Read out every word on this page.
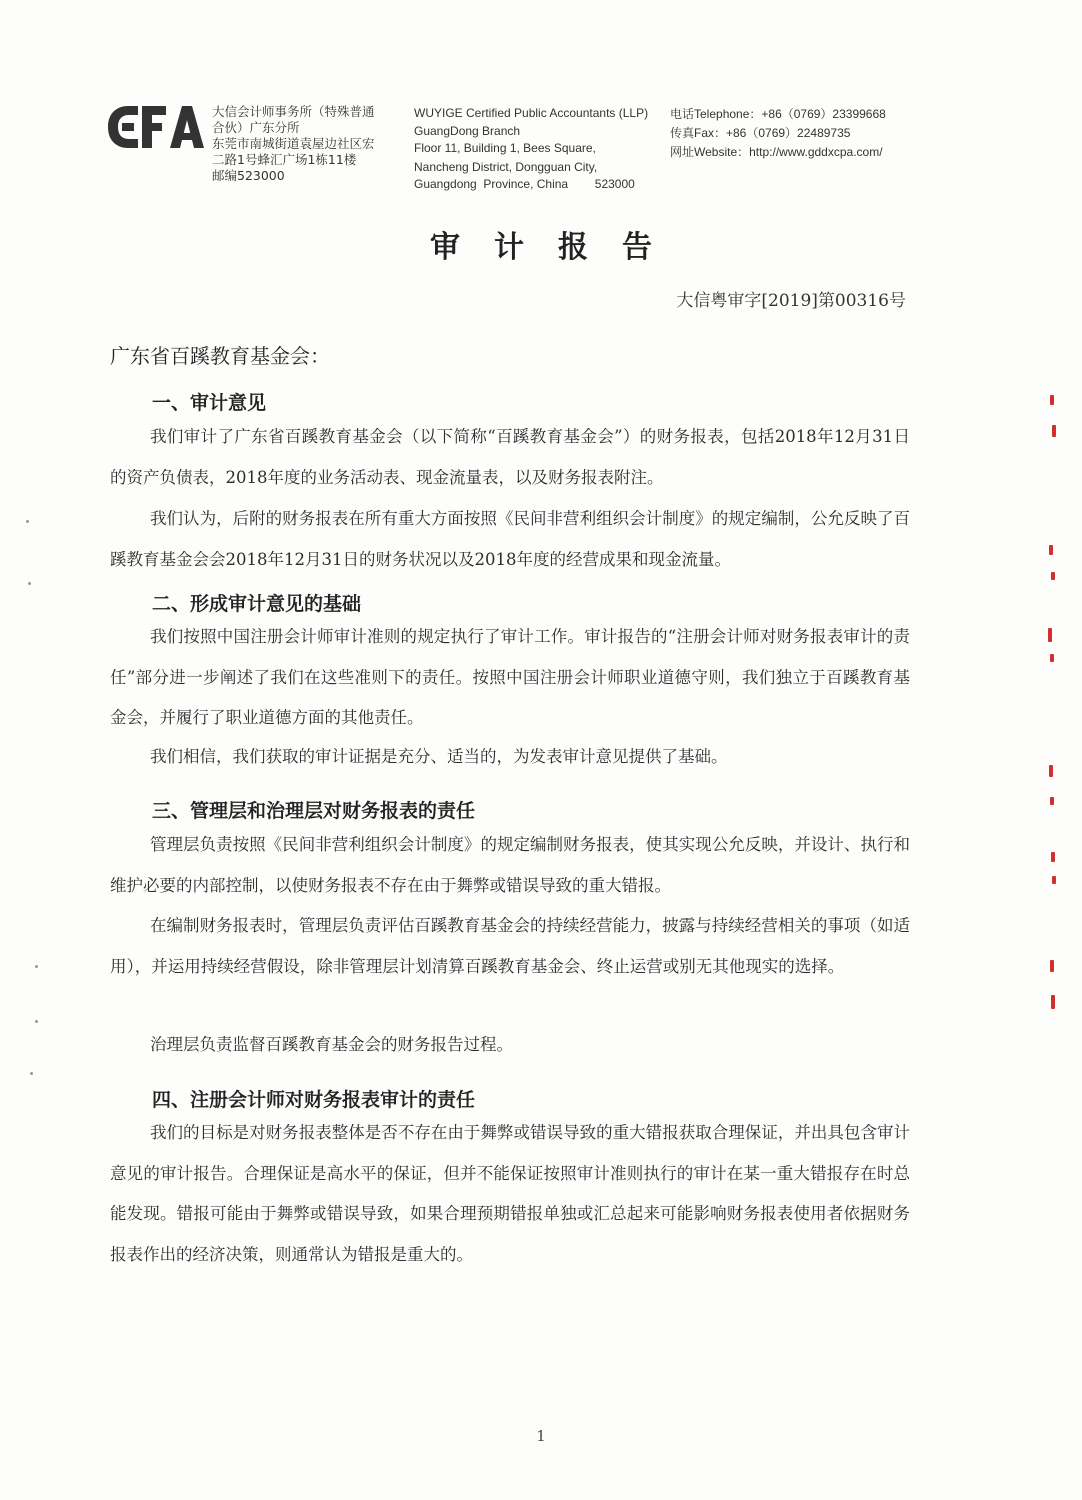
大信会计师事务所（特殊普通
合伙）广东分所
东莞市南城街道袁屋边社区宏
二路1号蜂汇广场1栋11楼
邮编523000
WUYIGE Certified Public Accountants (LLP)
GuangDong Branch
Floor 11, Building 1, Bees Square,
Nancheng District, Dongguan City,
Guangdong  Province, China        523000
电话Telephone：+86（0769）23399668
传真Fax：+86（0769）22489735
网址Website：http://www.gddxcpa.com/
审计报告
大信粤审字[2019]第00316号
广东省百蹊教育基金会：
一、审计意见
我们审计了广东省百蹊教育基金会（以下简称“百蹊教育基金会”）的财务报表，包括2018年12月31日的资产负债表，2018年度的业务活动表、现金流量表，以及财务报表附注。
我们认为，后附的财务报表在所有重大方面按照《民间非营利组织会计制度》的规定编制，公允反映了百蹊教育基金会会2018年12月31日的财务状况以及2018年度的经营成果和现金流量。
二、形成审计意见的基础
我们按照中国注册会计师审计准则的规定执行了审计工作。审计报告的“注册会计师对财务报表审计的责任”部分进一步阐述了我们在这些准则下的责任。按照中国注册会计师职业道德守则，我们独立于百蹊教育基金会，并履行了职业道德方面的其他责任。
我们相信，我们获取的审计证据是充分、适当的，为发表审计意见提供了基础。
三、管理层和治理层对财务报表的责任
管理层负责按照《民间非营利组织会计制度》的规定编制财务报表，使其实现公允反映，并设计、执行和维护必要的内部控制，以使财务报表不存在由于舞弊或错误导致的重大错报。
在编制财务报表时，管理层负责评估百蹊教育基金会的持续经营能力，披露与持续经营相关的事项（如适用），并运用持续经营假设，除非管理层计划清算百蹊教育基金会、终止运营或别无其他现实的选择。
治理层负责监督百蹊教育基金会的财务报告过程。
四、注册会计师对财务报表审计的责任
我们的目标是对财务报表整体是否不存在由于舞弊或错误导致的重大错报获取合理保证，并出具包含审计意见的审计报告。合理保证是高水平的保证，但并不能保证按照审计准则执行的审计在某一重大错报存在时总能发现。错报可能由于舞弊或错误导致，如果合理预期错报单独或汇总起来可能影响财务报表使用者依据财务报表作出的经济决策，则通常认为错报是重大的。
1
